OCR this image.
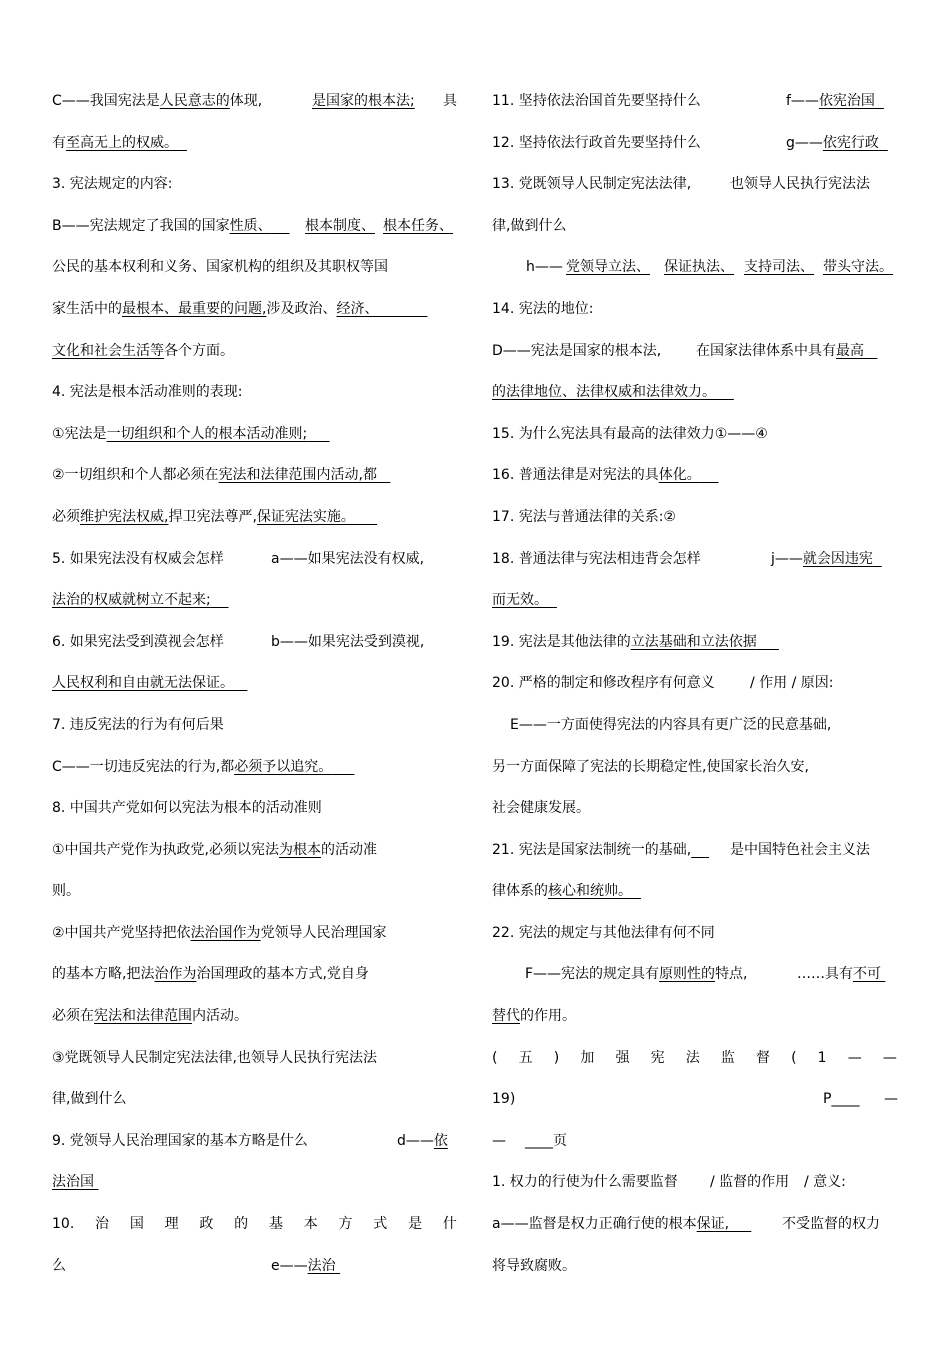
C——我国宪法是人民意志的体现,	是国家的根本法; 具
有至高无上的权威。
3. 宪法规定的内容:
B——宪法规定了我国的国家性质、 根本制度、 根本任务、
公民的基本权利和义务、国家机构的组织及其职权等国
家生活中的最根本、最重要的问题,涉及政治、经济、
文化和社会生活等各个方面。
4. 宪法是根本活动准则的表现:
①宪法是一切组织和个人的根本活动准则;
②一切组织和个人都必须在宪法和法律范围内活动,都
必须维护宪法权威,捍卫宪法尊严,保证宪法实施。
5. 如果宪法没有权威会怎样	a——如果宪法没有权威,
法治的权威就树立不起来;
6. 如果宪法受到漠视会怎样	b——如果宪法受到漠视,
人民权利和自由就无法保证。
7. 违反宪法的行为有何后果
C——一切违反宪法的行为,都必须予以追究。
8. 中国共产党如何以宪法为根本的活动准则
①中国共产党作为执政党,必须以宪法为根本的活动准
则。
②中国共产党坚持把依法治国作为党领导人民治理国家
的基本方略,把法治作为治国理政的基本方式,党自身
必须在宪法和法律范围内活动。
③党既领导人民制定宪法法律,也领导人民执行宪法法
律,做到什么
9. 党领导人民治理国家的基本方略是什么	d——依
法治国
10. 治 国 理 政 的 基 本 方 式 是 什
么	e——法治
11. 坚持依法治国首先要坚持什么	f——依宪治国
12. 坚持依法行政首先要坚持什么	g——依宪行政
13. 党既领导人民制定宪法法律,	也领导人民执行宪法法
律,做到什么
h—— 党领导立法、 保证执法、 支持司法、 带头守法。
14. 宪法的地位:
D——宪法是国家的根本法, 在国家法律体系中具有最高
的法律地位、法律权威和法律效力。
15. 为什么宪法具有最高的法律效力①——④
16. 普通法律是对宪法的具体化。
17. 宪法与普通法律的关系:②
18. 普通法律与宪法相违背会怎样	j——就会因违宪
而无效。
19. 宪法是其他法律的立法基础和立法依据
20. 严格的制定和修改程序有何意义	/ 作用 / 原因:
E——一方面使得宪法的内容具有更广泛的民意基础,
另一方面保障了宪法的长期稳定性,使国家长治久安,
社会健康发展。
21. 宪法是国家法制统一的基础,	是中国特色社会主义法
律体系的核心和统帅。
22. 宪法的规定与其他法律有何不同
F——宪法的规定具有原则性的特点,	……具有不可
替代的作用。
( 五 ) 加 强 宪 法 监 督 ( 1 — —
19)	P____ —
— ____页
1. 权力的行使为什么需要监督 / 监督的作用 / 意义:
a——监督是权力正确行使的根本保证,	不受监督的权力
将导致腐败。
